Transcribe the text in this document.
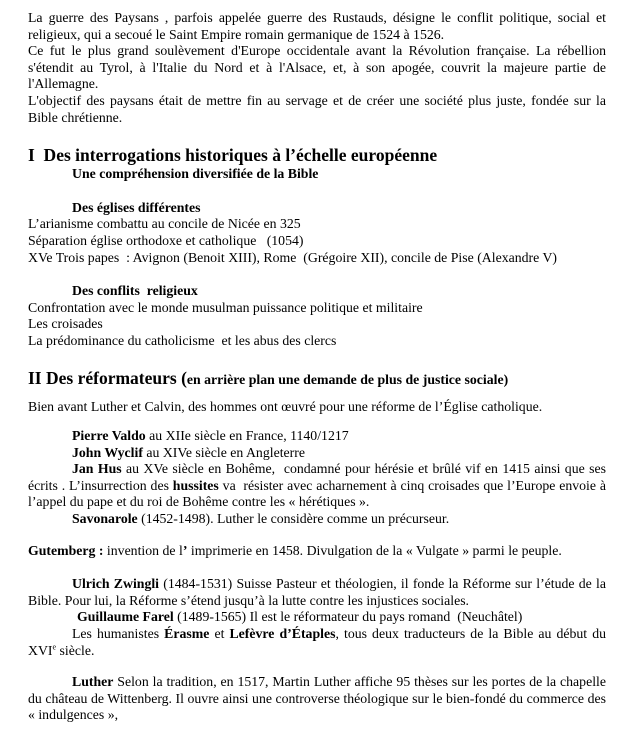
La guerre des Paysans , parfois appelée guerre des Rustauds, désigne le conflit politique, social et religieux, qui a secoué le Saint Empire romain germanique de 1524 à 1526.

Ce fut le plus grand soulèvement d'Europe occidentale avant la Révolution française. La rébellion s'étendit au Tyrol, à l'Italie du Nord et à l'Alsace, et, à son apogée, couvrit la majeure partie de l'Allemagne.

L'objectif des paysans était de mettre fin au servage et de créer une société plus juste, fondée sur la Bible chrétienne.

I  Des interrogations historiques à l’échelle européenne

Une compréhension diversifiée de la Bible

Des églises différentes

L’arianisme combattu au concile de Nicée en 325

Séparation église orthodoxe et catholique   (1054)

XVe Trois papes  : Avignon (Benoit XIII), Rome  (Grégoire XII), concile de Pise (Alexandre V)

Des conflits  religieux

Confrontation avec le monde musulman puissance politique et militaire

Les croisades

La prédominance du catholicisme  et les abus des clercs

II Des réformateurs (en arrière plan une demande de plus de justice sociale)

Bien avant Luther et Calvin, des hommes ont œuvré pour une réforme de l’Église catholique.

Pierre Valdo au XIIe siècle en France, 1140/1217

John Wyclif au XIVe siècle en Angleterre

Jan Hus au XVe siècle en Bohême,  condamné pour hérésie et brûlé vif en 1415 ainsi que ses écrits . L’insurrection des hussites va  résister avec acharnement à cinq croisades que l’Europe envoie à l’appel du pape et du roi de Bohême contre les « hérétiques ».

Savonarole (1452-1498). Luther le considère comme un précurseur.

Gutemberg : invention de l’ imprimerie en 1458. Divulgation de la « Vulgate » parmi le peuple.

Ulrich Zwingli (1484-1531) Suisse Pasteur et théologien, il fonde la Réforme sur l’étude de la Bible. Pour lui, la Réforme s’étend jusqu’à la lutte contre les injustices sociales.

Guillaume Farel (1489-1565) Il est le réformateur du pays romand  (Neuchâtel)

Les humanistes Érasme et Lefèvre d’Étaples, tous deux traducteurs de la Bible au début du XVIe siècle.

Luther Selon la tradition, en 1517, Martin Luther affiche 95 thèses sur les portes de la chapelle du château de Wittenberg. Il ouvre ainsi une controverse théologique sur le bien-fondé du commerce des « indulgences »,
